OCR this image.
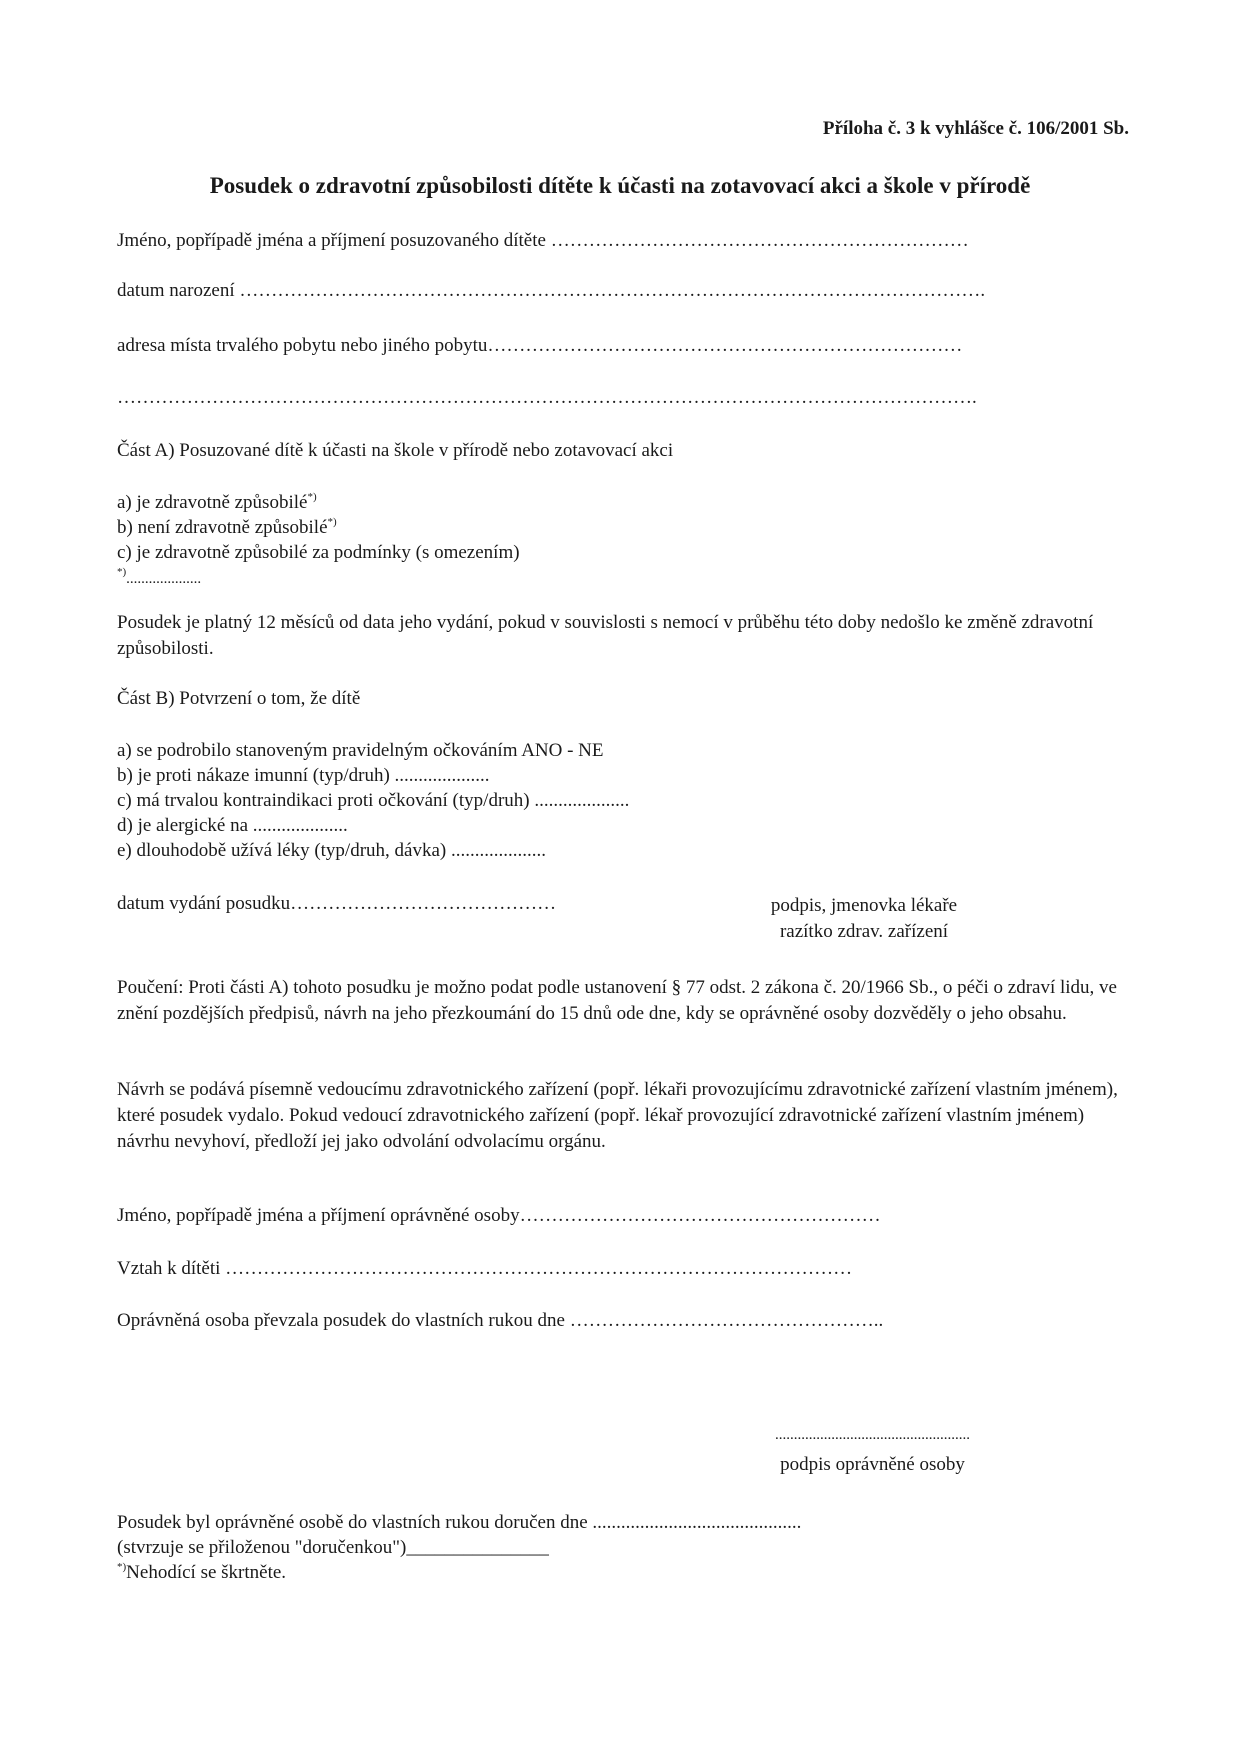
Příloha č. 3 k vyhlášce č. 106/2001 Sb.
Posudek o zdravotní způsobilosti dítěte k účasti na zotavovací akci a škole v přírodě
Jméno, popřípadě jména a příjmení posuzovaného dítěte …………………………………………………………
datum narození ……………………………………………………………………………………………………….
adresa místa trvalého pobytu nebo jiného pobytu…………………………………………………………………
……………………………………………………………………………………………………………………….
Část A) Posuzované dítě k účasti na škole v přírodě nebo zotavovací akci
a) je zdravotně způsobilé*)
b) není zdravotně způsobilé*)
c) je zdravotně způsobilé za podmínky (s omezením)
*)....................
Posudek je platný 12 měsíců od data jeho vydání, pokud v souvislosti s nemocí v průběhu této doby nedošlo ke změně zdravotní způsobilosti.
Část B) Potvrzení o tom, že dítě
a) se podrobilo stanoveným pravidelným očkováním ANO - NE
b) je proti nákaze imunní (typ/druh) ....................
c) má trvalou kontraindikaci proti očkování (typ/druh) ....................
d) je alergické na ....................
e) dlouhodobě užívá léky (typ/druh, dávka) ....................
datum vydání posudku……………………………………	podpis, jmenovka lékaře
razítko zdrav. zařízení
Poučení: Proti části A) tohoto posudku je možno podat podle ustanovení § 77 odst. 2 zákona č. 20/1966 Sb., o péči o zdraví lidu, ve znění pozdějších předpisů, návrh na jeho přezkoumání do 15 dnů ode dne, kdy se oprávněné osoby dozvěděly o jeho obsahu.
Návrh se podává písemně vedoucímu zdravotnického zařízení (popř. lékaři provozujícímu zdravotnické zařízení vlastním jménem), které posudek vydalo. Pokud vedoucí zdravotnického zařízení (popř. lékař provozující zdravotnické zařízení vlastním jménem) návrhu nevyhoví, předloží jej jako odvolání odvolacímu orgánu.
Jméno, popřípadě jména a příjmení oprávněné osoby…………………………………………………
Vztah k dítěti ………………………………………………………………………………………
Oprávněná osoba převzala posudek do vlastních rukou dne …………………………………………..
....................................................
podpis oprávněné osoby
Posudek byl oprávněné osobě do vlastních rukou doručen dne ............................................
(stvrzuje se přiloženou "doručenkou")_______________
*)Nehodící se škrtněte.
